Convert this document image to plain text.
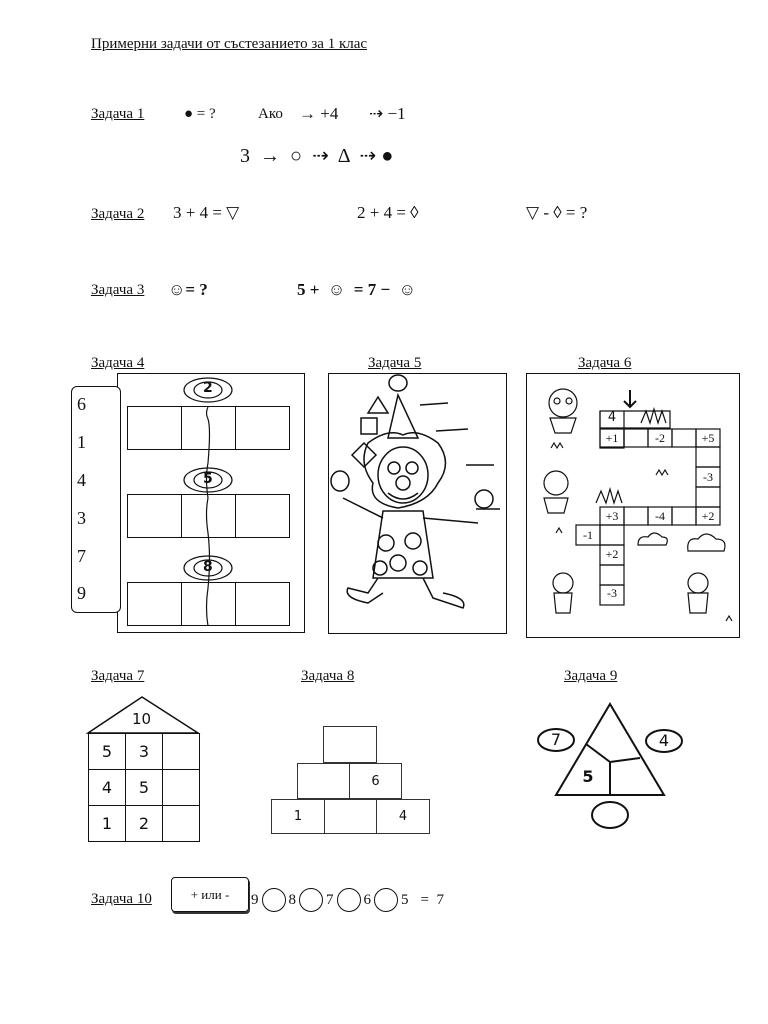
Примерни задачи от състезанието за 1 клас
Задача 1	● = ?	Ако → +4 ⇢ −1
3  →  ○  ⇢  Δ  ⇢ ●
Задача 2 3 + 4 = ▽	2 + 4 = ◊	▽ - ◊ = ?
Задача 3 ☺= ?	5 +  ☺  = 7 −  ☺
Задача 4	Задача 5	Задача 6
6
1
4
3
7
9
2
5
8
4
+1	-2	+5
-3
+3	-4	+2
-1
+2
-3
Задача 7	Задача 8	Задача 9
10
5	3
4	5
1	2
6
1	4
7	4
5
Задача 10	+ или -	9 8 7 6 5 =  7
